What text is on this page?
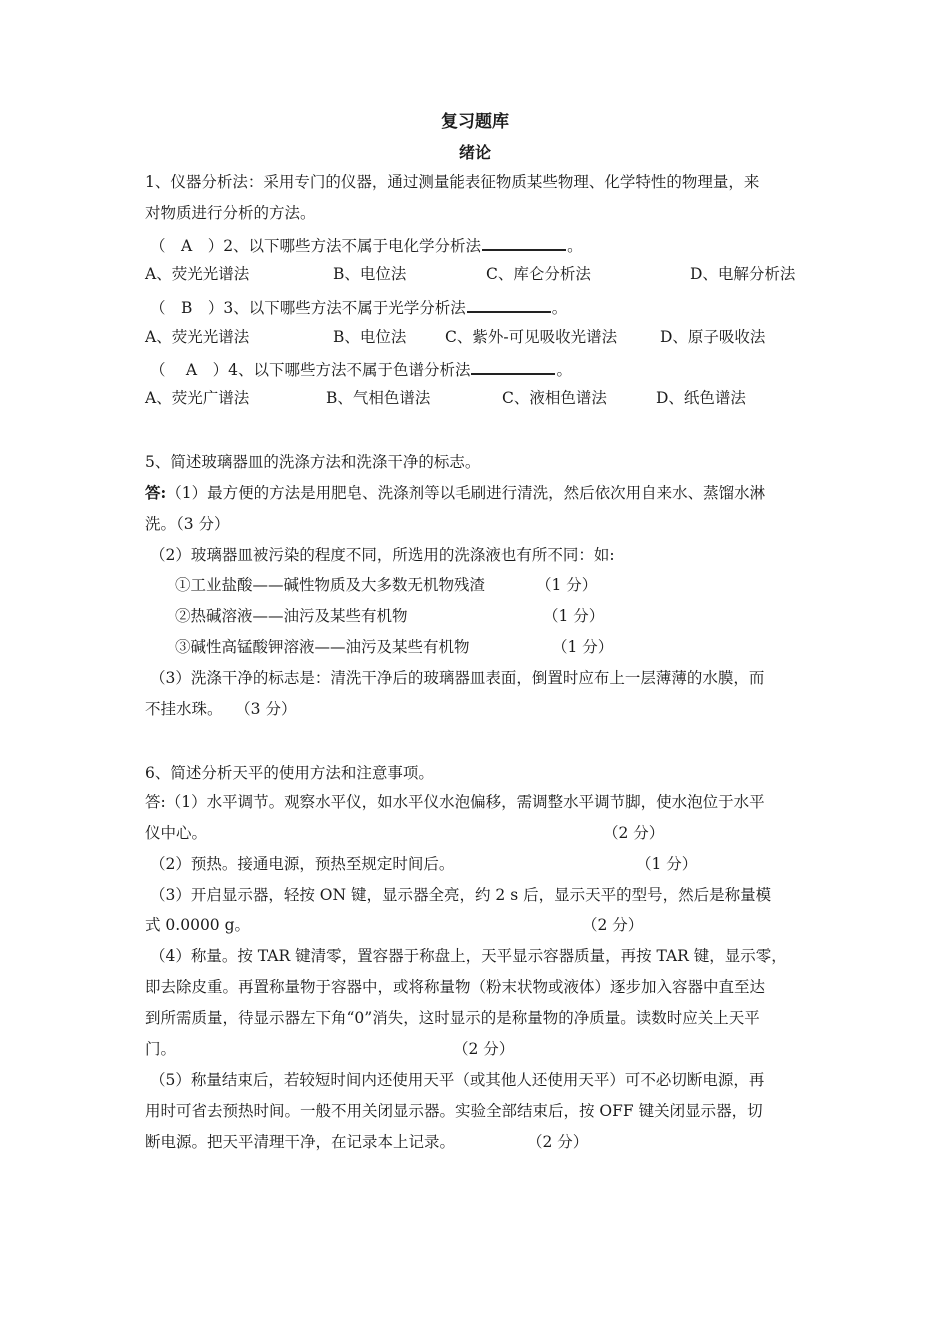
复习题库
绪论
1、仪器分析法：采用专门的仪器，通过测量能表征物质某些物理、化学特性的物理量，来
对物质进行分析的方法。
（　A　）2、以下哪些方法不属于电化学分析法	。
A、荧光光谱法	B、电位法	C、库仑分析法	D、电解分析法
（　B　）3、以下哪些方法不属于光学分析法	。
A、荧光光谱法	B、电位法 C、紫外-可见吸收光谱法	D、原子吸收法
（　 A　）4、以下哪些方法不属于色谱分析法	。
A、荧光广谱法	B、气相色谱法	C、液相色谱法	D、纸色谱法
5、简述玻璃器皿的洗涤方法和洗涤干净的标志。
答:（1）最方便的方法是用肥皂、洗涤剂等以毛刷进行清洗，然后依次用自来水、蒸馏水淋
洗。（3 分）
（2）玻璃器皿被污染的程度不同，所选用的洗涤液也有所不同：如:
①工业盐酸——碱性物质及大多数无机物残渣	（1 分）
②热碱溶液——油污及某些有机物	（1 分）
③碱性高锰酸钾溶液——油污及某些有机物	（1 分）
（3）洗涤干净的标志是：清洗干净后的玻璃器皿表面，倒置时应布上一层薄薄的水膜，而
不挂水珠。　 （3 分）
6、简述分析天平的使用方法和注意事项。
答:（1）水平调节。观察水平仪，如水平仪水泡偏移，需调整水平调节脚，使水泡位于水平
仪中心。	（2 分）
（2）预热。接通电源，预热至规定时间后。	（1 分）
（3）开启显示器，轻按 ON 键，显示器全亮，约 2 s 后，显示天平的型号，然后是称量模
式 0.0000 g。	（2 分）
（4）称量。按 TAR 键清零，置容器于称盘上，天平显示容器质量，再按 TAR 键，显示零，
即去除皮重。再置称量物于容器中，或将称量物（粉末状物或液体）逐步加入容器中直至达
到所需质量，待显示器左下角“0”消失，这时显示的是称量物的净质量。读数时应关上天平
门。	（2 分）
（5）称量结束后，若较短时间内还使用天平（或其他人还使用天平）可不必切断电源，再
用时可省去预热时间。一般不用关闭显示器。实验全部结束后，按 OFF 键关闭显示器，切
断电源。把天平清理干净，在记录本上记录。	（2 分）
